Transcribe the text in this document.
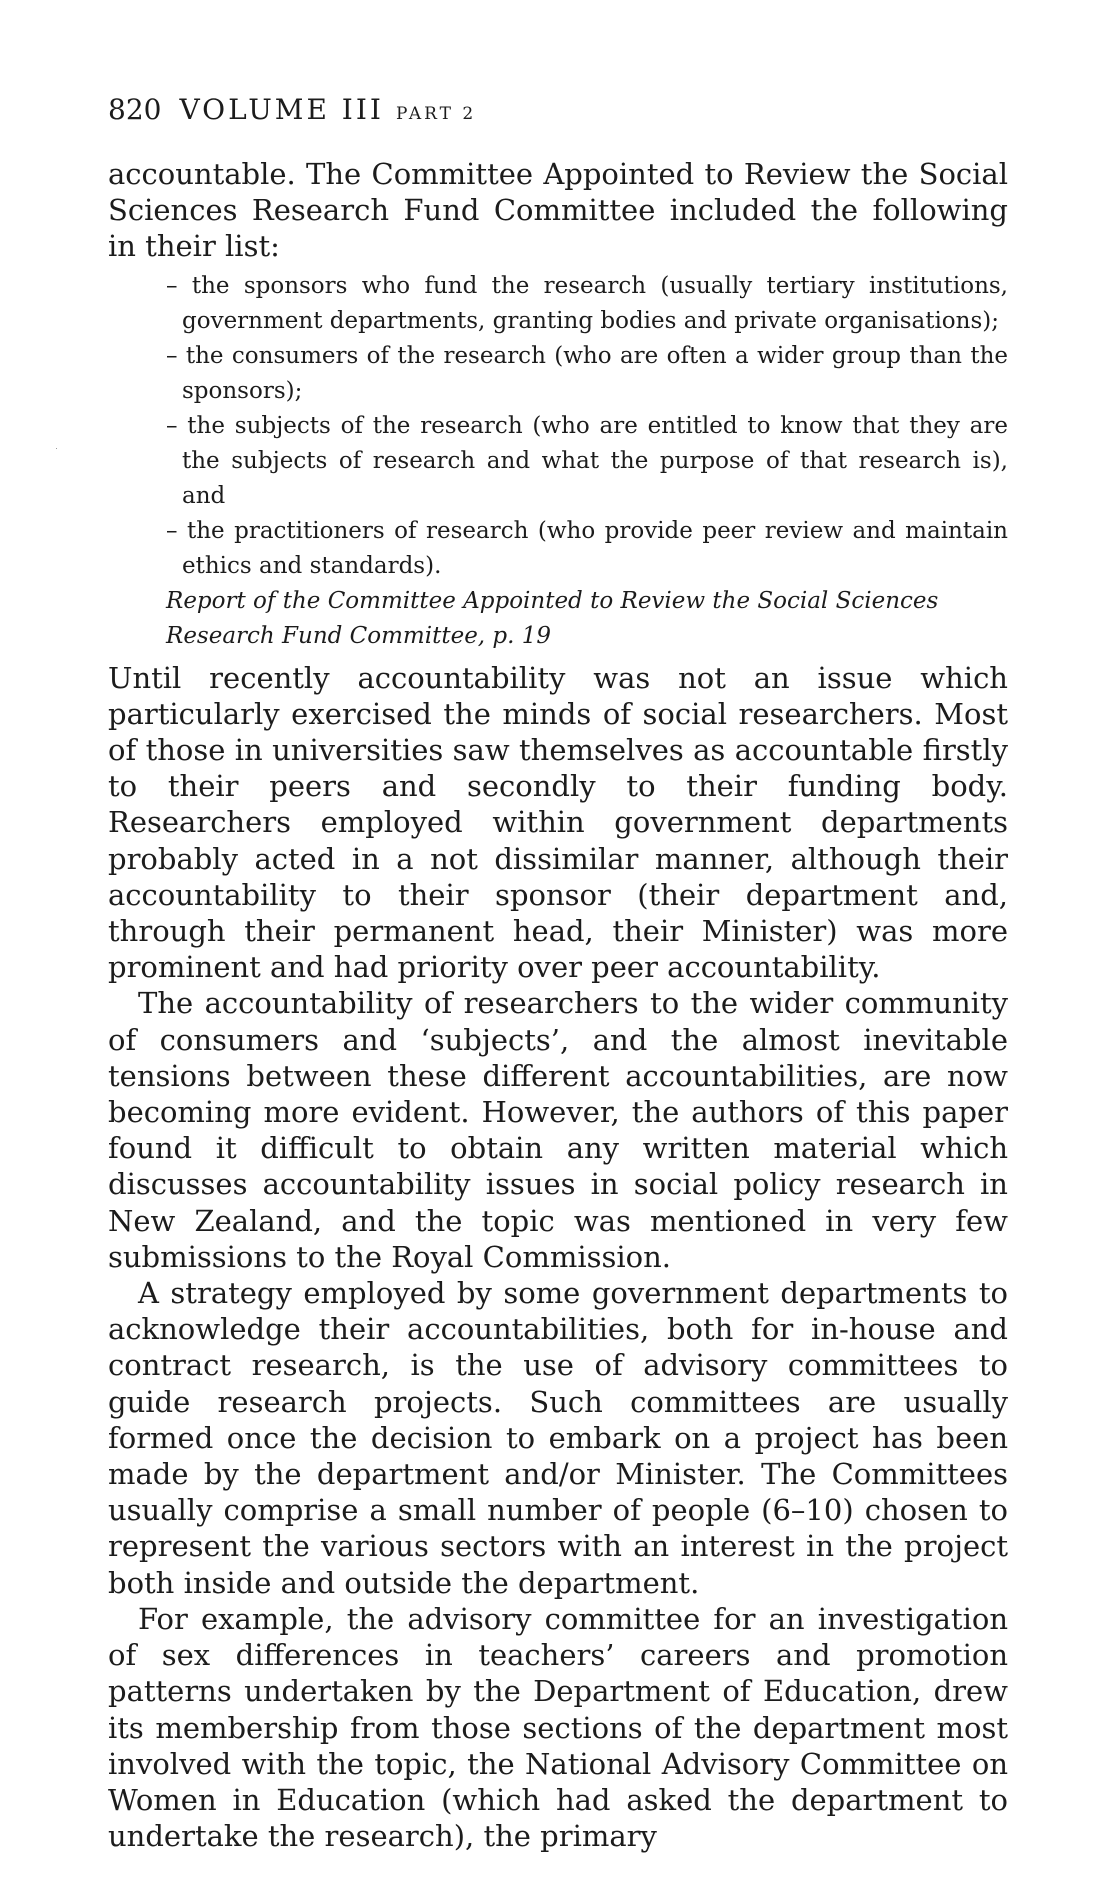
820 VOLUME III PART 2

accountable. The Committee Appointed to Review the Social Sciences Research Fund Committee included the following in their list:

– the sponsors who fund the research (usually tertiary institutions, government departments, granting bodies and private organisations);

– the consumers of the research (who are often a wider group than the sponsors);

– the subjects of the research (who are entitled to know that they are the subjects of research and what the purpose of that research is), and

– the practitioners of research (who provide peer review and maintain ethics and standards).

Report of the Committee Appointed to Review the Social Sciences Research Fund Committee, p. 19

Until recently accountability was not an issue which particularly exercised the minds of social researchers. Most of those in universities saw themselves as accountable firstly to their peers and secondly to their funding body. Researchers employed within government departments probably acted in a not dissimilar manner, although their accountability to their sponsor (their department and, through their permanent head, their Minister) was more prominent and had priority over peer accountability.

The accountability of researchers to the wider community of consumers and ‘subjects’, and the almost inevitable tensions between these different accountabilities, are now becoming more evident. However, the authors of this paper found it difficult to obtain any written material which discusses accountability issues in social policy research in New Zealand, and the topic was mentioned in very few submissions to the Royal Commission.

A strategy employed by some government departments to acknowledge their accountabilities, both for in-house and contract research, is the use of advisory committees to guide research projects. Such committees are usually formed once the decision to embark on a project has been made by the department and/or Minister. The Committees usually comprise a small number of people (6–10) chosen to represent the various sectors with an interest in the project both inside and outside the department.

For example, the advisory committee for an investigation of sex differences in teachers’ careers and promotion patterns undertaken by the Department of Education, drew its membership from those sections of the department most involved with the topic, the National Advisory Committee on Women in Education (which had asked the department to undertake the research), the primary
